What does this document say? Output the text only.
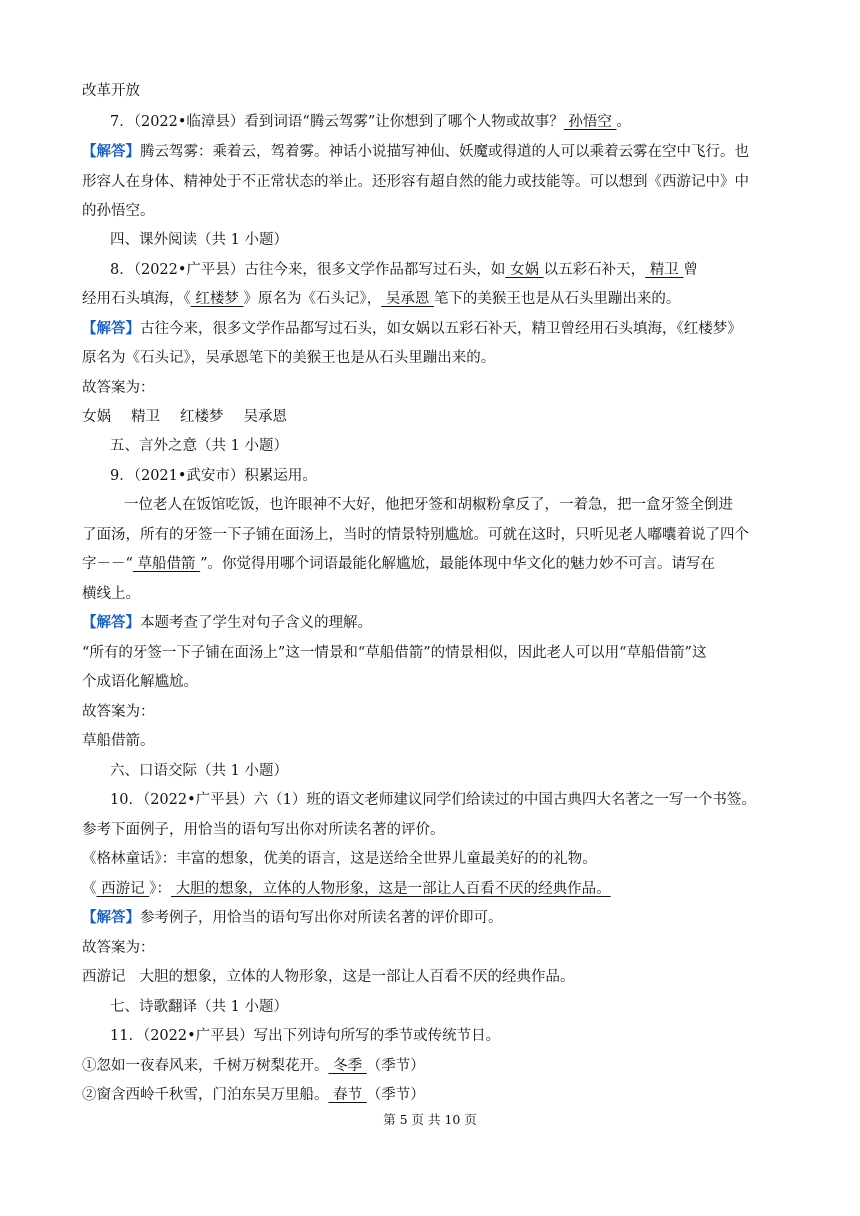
改革开放
7．（2022•临漳县）看到词语“腾云驾雾”让你想到了哪个人物或故事？ 孙悟空 。
【解答】腾云驾雾：乘着云，驾着雾。神话小说描写神仙、妖魔或得道的人可以乘着云雾在空中飞行。也
形容人在身体、精神处于不正常状态的举止。还形容有超自然的能力或技能等。可以想到《西游记中》中
的孙悟空。
四、课外阅读（共 1 小题）
8．（2022•广平县）古往今来，很多文学作品都写过石头，如 女娲 以五彩石补天， 精卫 曾
经用石头填海，《 红楼梦 》原名为《石头记》， 吴承恩 笔下的美猴王也是从石头里蹦出来的。
【解答】古往今来，很多文学作品都写过石头，如女娲以五彩石补天，精卫曾经用石头填海，《红楼梦》
原名为《石头记》，吴承恩笔下的美猴王也是从石头里蹦出来的。
故答案为：
女娲 精卫 红楼梦 吴承恩
五、言外之意（共 1 小题）
9．（2021•武安市）积累运用。
一位老人在饭馆吃饭，也许眼神不大好，他把牙签和胡椒粉拿反了，一着急，把一盒牙签全倒进
了面汤，所有的牙签一下子铺在面汤上，当时的情景特别尴尬。可就在这时，只听见老人嘟囔着说了四个
字－－“ 草船借箭 ”。你觉得用哪个词语最能化解尴尬，最能体现中华文化的魅力妙不可言。请写在
横线上。
【解答】本题考查了学生对句子含义的理解。
“所有的牙签一下子铺在面汤上”这一情景和“草船借箭”的情景相似，因此老人可以用“草船借箭”这
个成语化解尴尬。
故答案为：
草船借箭。
六、口语交际（共 1 小题）
10．（2022•广平县）六（1）班的语文老师建议同学们给读过的中国古典四大名著之一写一个书签。
参考下面例子，用恰当的语句写出你对所读名著的评价。
《格林童话》：丰富的想象，优美的语言，这是送给全世界儿童最美好的的礼物。
《 西游记 》： 大胆的想象，立体的人物形象，这是一部让人百看不厌的经典作品。
【解答】参考例子，用恰当的语句写出你对所读名著的评价即可。
故答案为：
西游记 大胆的想象，立体的人物形象，这是一部让人百看不厌的经典作品。
七、诗歌翻译（共 1 小题）
11．（2022•广平县）写出下列诗句所写的季节或传统节日。
①忽如一夜春风来，千树万树梨花开。 冬季 （季节）
②窗含西岭千秋雪，门泊东吴万里船。 春节 （季节）
第 5 页 共 10 页
